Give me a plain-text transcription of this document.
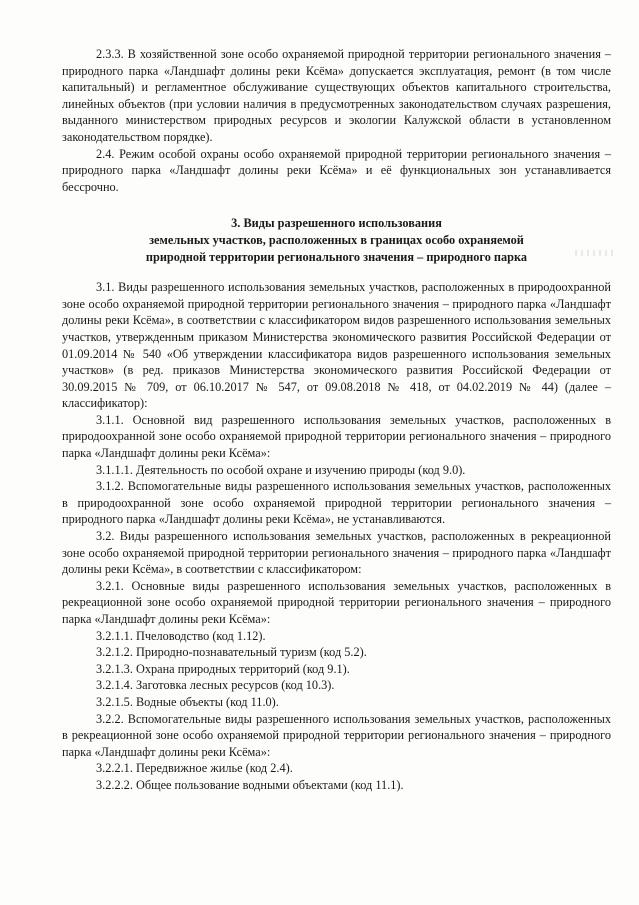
2.3.3. В хозяйственной зоне особо охраняемой природной территории регионального значения – природного парка «Ландшафт долины реки Ксёма» допускается эксплуатация, ремонт (в том числе капитальный) и регламентное обслуживание существующих объектов капитального строительства, линейных объектов (при условии наличия в предусмотренных законодательством случаях разрешения, выданного министерством природных ресурсов и экологии Калужской области в установленном законодательством порядке).

2.4. Режим особой охраны особо охраняемой природной территории регионального значения – природного парка «Ландшафт долины реки Ксёма» и её функциональных зон устанавливается бессрочно.

3. Виды разрешенного использования
земельных участков, расположенных в границах особо охраняемой
природной территории регионального значения – природного парка

3.1. Виды разрешенного использования земельных участков, расположенных в природоохранной зоне особо охраняемой природной территории регионального значения – природного парка «Ландшафт долины реки Ксёма», в соответствии с классификатором видов разрешенного использования земельных участков, утвержденным приказом Министерства экономического развития Российской Федерации от 01.09.2014 № 540 «Об утверждении классификатора видов разрешенного использования земельных участков» (в ред. приказов Министерства экономического развития Российской Федерации от 30.09.2015 № 709, от 06.10.2017 № 547, от 09.08.2018 № 418, от 04.02.2019 № 44) (далее – классификатор):

3.1.1. Основной вид разрешенного использования земельных участков, расположенных в природоохранной зоне особо охраняемой природной территории регионального значения – природного парка «Ландшафт долины реки Ксёма»:

3.1.1.1. Деятельность по особой охране и изучению природы (код 9.0).

3.1.2. Вспомогательные виды разрешенного использования земельных участков, расположенных в природоохранной зоне особо охраняемой природной территории регионального значения – природного парка «Ландшафт долины реки Ксёма», не устанавливаются.

3.2. Виды разрешенного использования земельных участков, расположенных в рекреационной зоне особо охраняемой природной территории регионального значения – природного парка «Ландшафт долины реки Ксёма», в соответствии с классификатором:

3.2.1. Основные виды разрешенного использования земельных участков, расположенных в рекреационной зоне особо охраняемой природной территории регионального значения – природного парка «Ландшафт долины реки Ксёма»:

3.2.1.1. Пчеловодство (код 1.12).

3.2.1.2. Природно-познавательный туризм (код 5.2).

3.2.1.3. Охрана природных территорий (код 9.1).

3.2.1.4. Заготовка лесных ресурсов (код 10.3).

3.2.1.5. Водные объекты (код 11.0).

3.2.2. Вспомогательные виды разрешенного использования земельных участков, расположенных в рекреационной зоне особо охраняемой природной территории регионального значения – природного парка «Ландшафт долины реки Ксёма»:

3.2.2.1. Передвижное жилье (код 2.4).

3.2.2.2. Общее пользование водными объектами (код 11.1).
